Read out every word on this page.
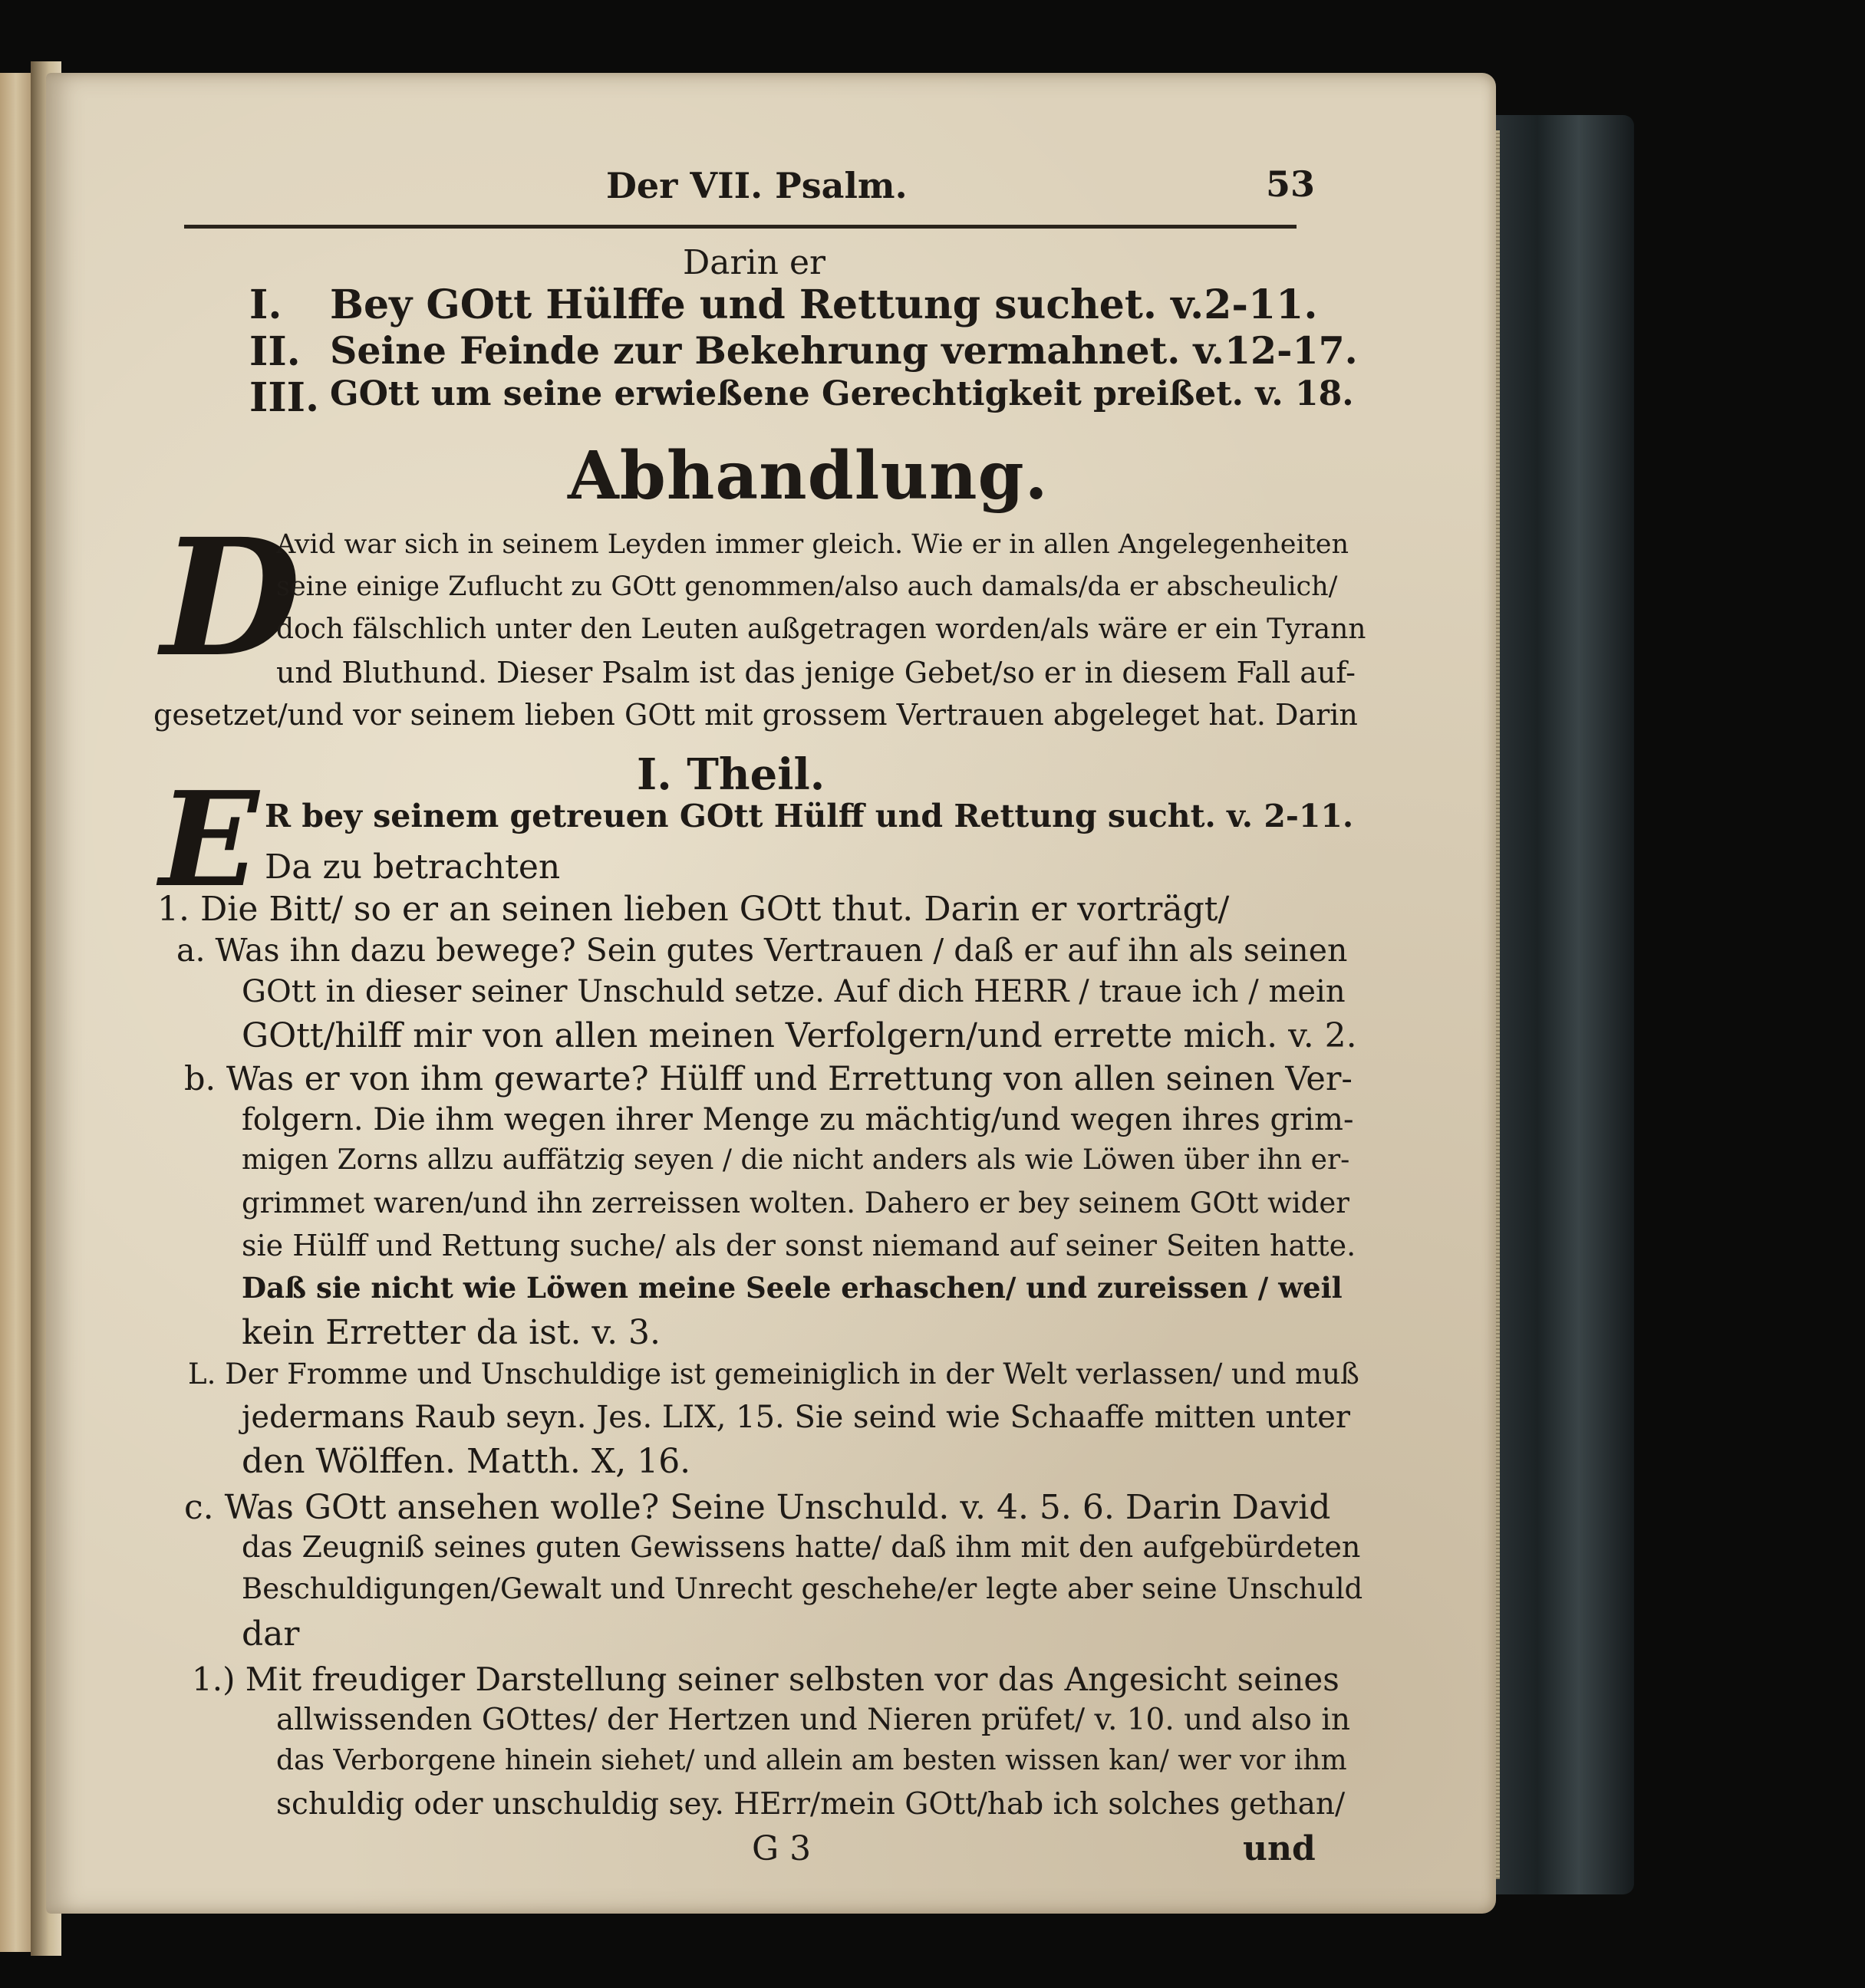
Der VII. Psalm.	53
Darin er
I. Bey GOtt Hülffe und Rettung suchet. v.2-11.
II. Seine Feinde zur Bekehrung vermahnet. v.12-17.
III. GOtt um seine erwießene Gerechtigkeit preißet. v. 18.
Abhandlung.
D
Avid war sich in seinem Leyden immer gleich. Wie er in allen Angelegenheiten
seine einige Zuflucht zu GOtt genommen/also auch damals/da er abscheulich/
doch fälschlich unter den Leuten außgetragen worden/als wäre er ein Tyrann
und Bluthund. Dieser Psalm ist das jenige Gebet/so er in diesem Fall auf-
gesetzet/und vor seinem lieben GOtt mit grossem Vertrauen abgeleget hat. Darin
I. Theil.
E R bey seinem getreuen GOtt Hülff und Rettung sucht. v. 2-11.
Da zu betrachten
1. Die Bitt/ so er an seinen lieben GOtt thut. Darin er vorträgt/
a. Was ihn dazu bewege? Sein gutes Vertrauen / daß er auf ihn als seinen
GOtt in dieser seiner Unschuld setze. Auf dich HERR / traue ich / mein
GOtt/hilff mir von allen meinen Verfolgern/und errette mich. v. 2.
b. Was er von ihm gewarte? Hülff und Errettung von allen seinen Ver-
folgern. Die ihm wegen ihrer Menge zu mächtig/und wegen ihres grim-
migen Zorns allzu auffätzig seyen / die nicht anders als wie Löwen über ihn er-
grimmet waren/und ihn zerreissen wolten. Dahero er bey seinem GOtt wider
sie Hülff und Rettung suche/ als der sonst niemand auf seiner Seiten hatte.
Daß sie nicht wie Löwen meine Seele erhaschen/ und zureissen / weil
kein Erretter da ist. v. 3.
L. Der Fromme und Unschuldige ist gemeiniglich in der Welt verlassen/ und muß
jedermans Raub seyn. Jes. LIX, 15. Sie seind wie Schaaffe mitten unter
den Wölffen. Matth. X, 16.
c. Was GOtt ansehen wolle? Seine Unschuld. v. 4. 5. 6. Darin David
das Zeugniß seines guten Gewissens hatte/ daß ihm mit den aufgebürdeten
Beschuldigungen/Gewalt und Unrecht geschehe/er legte aber seine Unschuld
dar
1.) Mit freudiger Darstellung seiner selbsten vor das Angesicht seines
allwissenden GOttes/ der Hertzen und Nieren prüfet/ v. 10. und also in
das Verborgene hinein siehet/ und allein am besten wissen kan/ wer vor ihm
schuldig oder unschuldig sey. HErr/mein GOtt/hab ich solches gethan/
G 3	und
